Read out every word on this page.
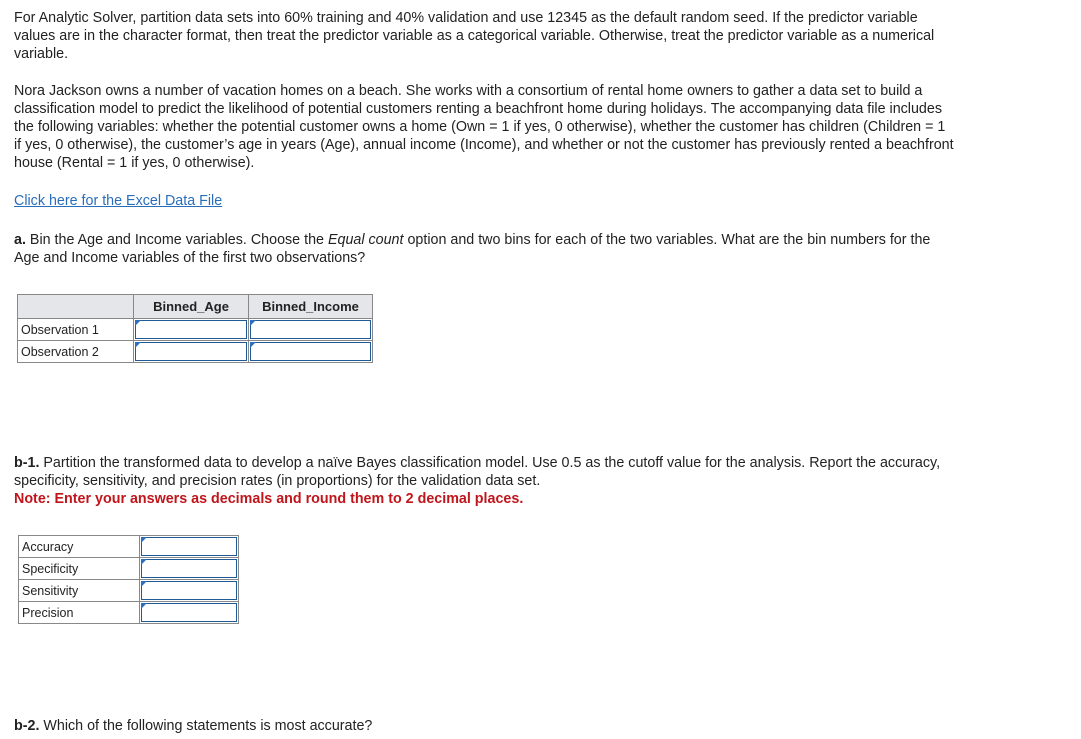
For Analytic Solver, partition data sets into 60% training and 40% validation and use 12345 as the default random seed. If the predictor variable values are in the character format, then treat the predictor variable as a categorical variable. Otherwise, treat the predictor variable as a numerical variable.

Nora Jackson owns a number of vacation homes on a beach. She works with a consortium of rental home owners to gather a data set to build a classification model to predict the likelihood of potential customers renting a beachfront home during holidays. The accompanying data file includes the following variables: whether the potential customer owns a home (Own = 1 if yes, 0 otherwise), whether the customer has children (Children = 1 if yes, 0 otherwise), the customer’s age in years (Age), annual income (Income), and whether or not the customer has previously rented a beachfront house (Rental = 1 if yes, 0 otherwise).

Click here for the Excel Data File

a. Bin the Age and Income variables. Choose the Equal count option and two bins for each of the two variables. What are the bin numbers for the Age and Income variables of the first two observations?

	Binned_Age	Binned_Income
Observation 1	

Observation 2	

b-1. Partition the transformed data to develop a naïve Bayes classification model. Use 0.5 as the cutoff value for the analysis. Report the accuracy, specificity, sensitivity, and precision rates (in proportions) for the validation data set.
Note: Enter your answers as decimals and round them to 2 decimal places.

Accuracy	

Specificity	

Sensitivity	

Precision	

b-2. Which of the following statements is most accurate?
